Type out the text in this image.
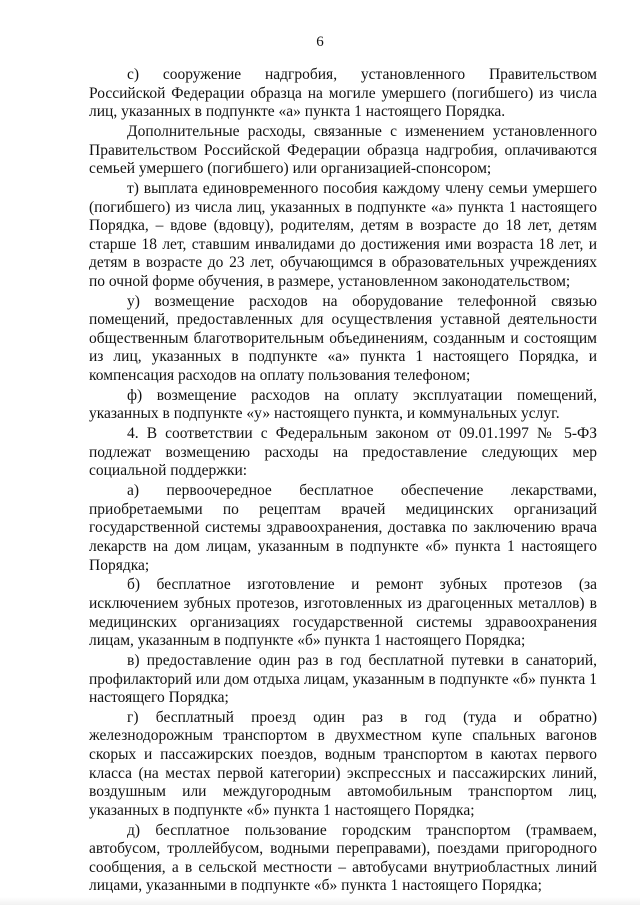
6

с) сооружение надгробия, установленного Правительством Российской Федерации образца на могиле умершего (погибшего) из числа лиц, указанных в подпункте «а» пункта 1 настоящего Порядка.

Дополнительные расходы, связанные с изменением установленного Правительством Российской Федерации образца надгробия, оплачиваются семьей умершего (погибшего) или организацией-спонсором;

т) выплата единовременного пособия каждому члену семьи умершего (погибшего) из числа лиц, указанных в подпункте «а» пункта 1 настоящего Порядка, – вдове (вдовцу), родителям, детям в возрасте до 18 лет, детям старше 18 лет, ставшим инвалидами до достижения ими возраста 18 лет, и детям в возрасте до 23 лет, обучающимся в образовательных учреждениях по очной форме обучения, в размере, установленном законодательством;

у) возмещение расходов на оборудование телефонной связью помещений, предоставленных для осуществления уставной деятельности общественным благотворительным объединениям, созданным и состоящим из лиц, указанных в подпункте «а» пункта 1 настоящего Порядка, и компенсация расходов на оплату пользования телефоном;

ф) возмещение расходов на оплату эксплуатации помещений, указанных в подпункте «у» настоящего пункта, и коммунальных услуг.

4. В соответствии с Федеральным законом от 09.01.1997 № 5-ФЗ подлежат возмещению расходы на предоставление следующих мер социальной поддержки:

а) первоочередное бесплатное обеспечение лекарствами, приобретаемыми по рецептам врачей медицинских организаций государственной системы здравоохранения, доставка по заключению врача лекарств на дом лицам, указанным в подпункте «б» пункта 1 настоящего Порядка;

б) бесплатное изготовление и ремонт зубных протезов (за исключением зубных протезов, изготовленных из драгоценных металлов) в медицинских организациях государственной системы здравоохранения лицам, указанным в подпункте «б» пункта 1 настоящего Порядка;

в) предоставление один раз в год бесплатной путевки в санаторий, профилакторий или дом отдыха лицам, указанным в подпункте «б» пункта 1 настоящего Порядка;

г) бесплатный проезд один раз в год (туда и обратно) железнодорожным транспортом в двухместном купе спальных вагонов скорых и пассажирских поездов, водным транспортом в каютах первого класса (на местах первой категории) экспрессных и пассажирских линий, воздушным или междугородным автомобильным транспортом лиц, указанных в подпункте «б» пункта 1 настоящего Порядка;

д) бесплатное пользование городским транспортом (трамваем, автобусом, троллейбусом, водными переправами), поездами пригородного сообщения, а в сельской местности – автобусами внутриобластных линий лицами, указанными в подпункте «б» пункта 1 настоящего Порядка;
